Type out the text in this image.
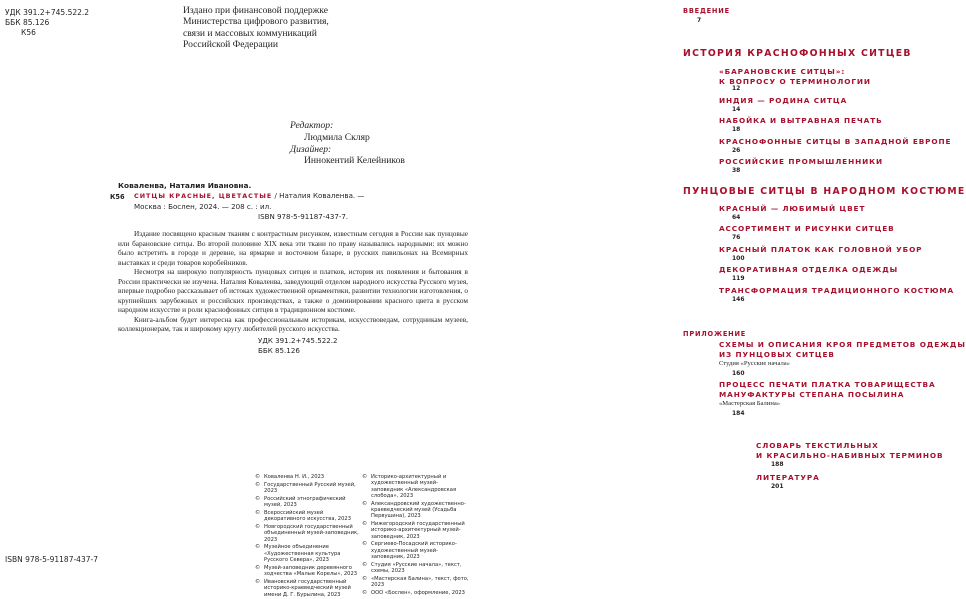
УДК 391.2+745.522.2
ББК 85.126
К56
Издано при финансовой поддержке
Министерства цифрового развития,
связи и массовых коммуникаций
Российской Федерации
Редактор:
Людмила Скляр
Дизайнер:
Иннокентий Келейников
К56
Коваленва, Наталия Ивановна.
СИТЦЫ КРАСНЫЕ, ЦВЕТАСТЫЕ / Наталия Коваленва. —
Москва : Бослен, 2024. — 208 с. : ил.
ISBN 978-5-91187-437-7.

Издание посвящено красным тканям с контрастным рисунком, известным сегодня в России как пунцовые или барановские ситцы. Во второй половине XIX века эти ткани по праву назывались народными: их можно было встретить в городе и деревне, на ярмарке и восточном базаре, в русских павильонах на Всемирных выставках и среди товаров коробейников.

Несмотря на широкую популярность пунцовых ситцев и платков, история их появления и бытования в России практически не изучена. Наталия Коваленва, заведующий отделом народного искусства Русского музея, впервые подробно рассказывает об истоках художественной орнаментики, развитии технологии изготовления, о крупнейших зарубежных и российских производствах, а также о доминировании красного цвета в русском народном искусстве и роли краснофонных ситцев в традиционном костюме.

Книга-альбом будет интересна как профессиональным историкам, искусствоведам, сотрудникам музеев, коллекционерам, так и широкому кругу любителей русского искусства.

УДК 391.2+745.522.2
ББК 85.126
© Коваленва Н. И., 2023
© Государственный Русский музей, 2023
© Российский этнографический музей, 2023
© Всероссийский музей декоративного искусства, 2023
© Новгородский государственный объединенный музей-заповедник, 2023
© Музейное объединение «Художественная культура Русского Севера», 2023
© Музей-заповедник деревянного зодчества «Малые Корелы», 2023
© Ивановский государственный историко-краеведческий музей имени Д. Г. Бурылина, 2023
© Историко-архитектурный и художественный музей-заповедник «Александровская слобода», 2023
© Александровский художественно-краеведческий музей (Усадьба Первушина), 2023
© Нижегородский государственный историко-архитектурный музей-заповедник, 2023
© Сергиево-Посадский историко-художественный музей-заповедник, 2023
© Студия «Русские начала», текст, схемы, 2023
© «Мастерская Балина», текст, фото, 2023
© ООО «Бослен», оформление, 2023
ISBN 978-5-91187-437-7
ВВЕДЕНИЕ
7
ИСТОРИЯ КРАСНОФОННЫХ СИТЦЕВ
«БАРАНОВСКИЕ СИТЦЫ»:
К ВОПРОСУ О ТЕРМИНОЛОГИИ
12
ИНДИЯ — РОДИНА СИТЦА
14
НАБОЙКА И ВЫТРАВНАЯ ПЕЧАТЬ
18
КРАСНОФОННЫЕ СИТЦЫ В ЗАПАДНОЙ ЕВРОПЕ
26
РОССИЙСКИЕ ПРОМЫШЛЕННИКИ
38
ПУНЦОВЫЕ СИТЦЫ В НАРОДНОМ КОСТЮМЕ
КРАСНЫЙ — ЛЮБИМЫЙ ЦВЕТ
64
АССОРТИМЕНТ И РИСУНКИ СИТЦЕВ
76
КРАСНЫЙ ПЛАТОК КАК ГОЛОВНОЙ УБОР
100
ДЕКОРАТИВНАЯ ОТДЕЛКА ОДЕЖДЫ
119
ТРАНСФОРМАЦИЯ ТРАДИЦИОННОГО КОСТЮМА
146
ПРИЛОЖЕНИЕ
СХЕМЫ И ОПИСАНИЯ КРОЯ ПРЕДМЕТОВ ОДЕЖДЫ
ИЗ ПУНЦОВЫХ СИТЦЕВ
Студия «Русские начала»
160
ПРОЦЕСС ПЕЧАТИ ПЛАТКА ТОВАРИЩЕСТВА
МАНУФАКТУРЫ СТЕПАНА ПОСЫЛИНА
«Мастерская Балина»
184
СЛОВАРЬ ТЕКСТИЛЬНЫХ
И КРАСИЛЬНО-НАБИВНЫХ ТЕРМИНОВ
188
ЛИТЕРАТУРА
201
